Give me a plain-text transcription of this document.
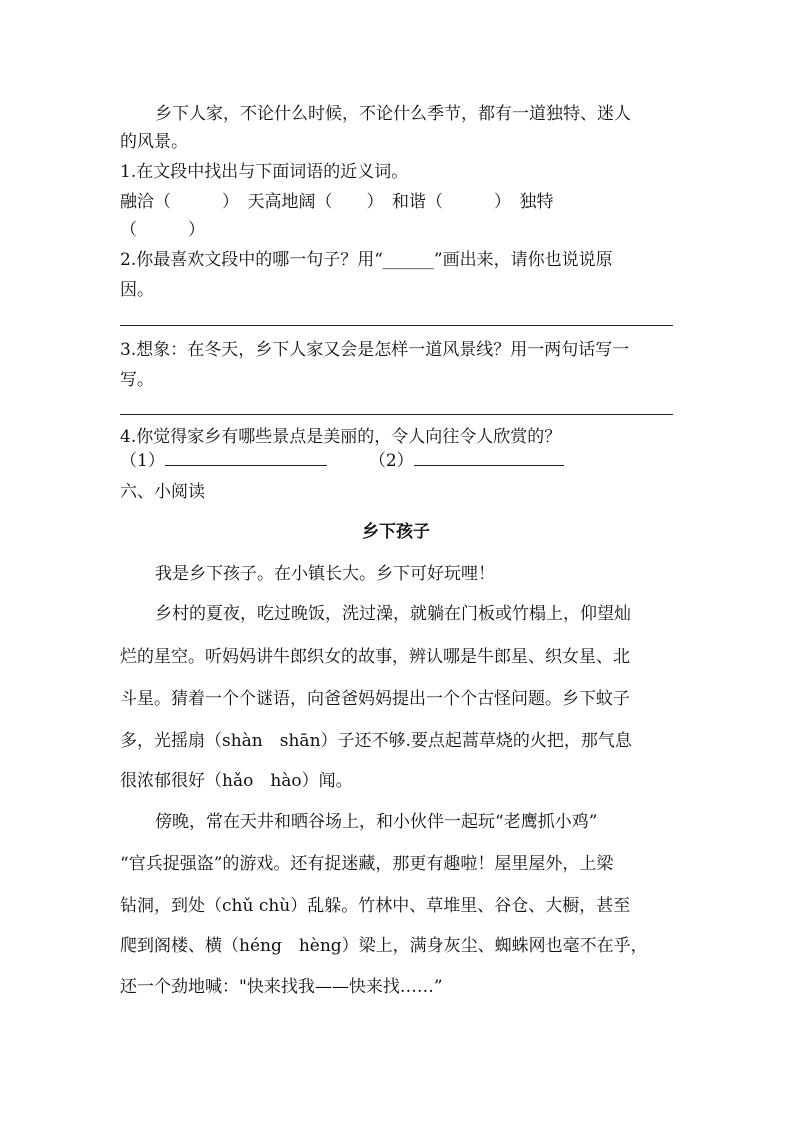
乡下人家，不论什么时候，不论什么季节，都有一道独特、迷人
的风景。
1.在文段中找出与下面词语的近义词。
融洽（　　　）　天高地阔（　　）　和谐（　　　）　独特
（　　　）
2.你最喜欢文段中的哪一句子？用“______”画出来，请你也说说原
因。
3.想象：在冬天，乡下人家又会是怎样一道风景线？用一两句话写一
写。
4.你觉得家乡有哪些景点是美丽的，令人向往令人欣赏的？
（1）	（2）
六、小阅读
乡下孩子
我是乡下孩子。在小镇长大。乡下可好玩哩！
乡村的夏夜，吃过晚饭，洗过澡，就躺在门板或竹榻上，仰望灿
烂的星空。听妈妈讲牛郎织女的故事，辨认哪是牛郎星、织女星、北
斗星。猜着一个个谜语，向爸爸妈妈提出一个个古怪问题。乡下蚊子
多，光摇扇（shàn　shān）子还不够.要点起蒿草烧的火把，那气息
很浓郁很好（hǎo　hào）闻。
傍晚，常在天井和晒谷场上，和小伙伴一起玩“老鹰抓小鸡”
“官兵捉强盗”的游戏。还有捉迷藏，那更有趣啦！屋里屋外，上梁
钻洞，到处（chǔ chù）乱躲。竹林中、草堆里、谷仓、大橱，甚至
爬到阁楼、横（héng　hèng）梁上，满身灰尘、蜘蛛网也毫不在乎，
还一个劲地喊："快来找我——快来找……”
